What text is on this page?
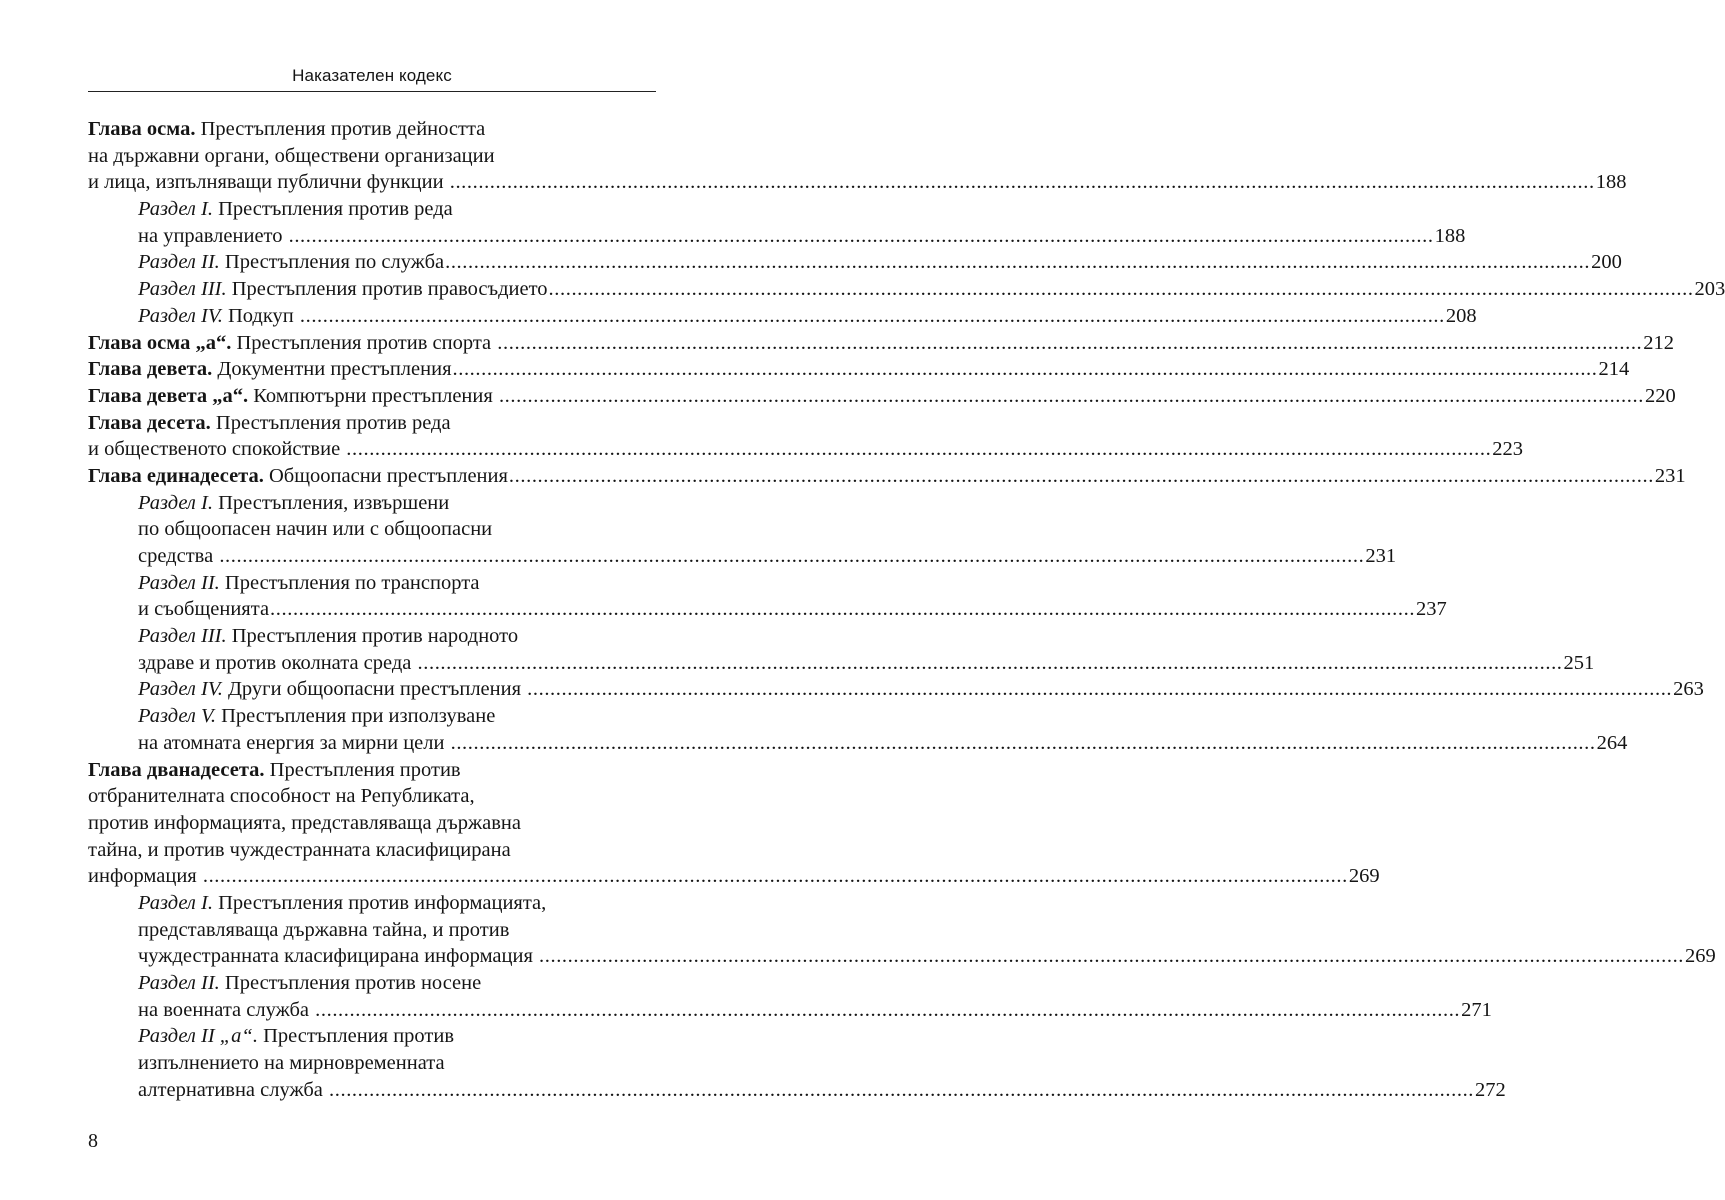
Наказателен кодекс
Глава осма. Престъпления против дейността
на държавни органи, обществени организации
и лица, изпълняващи публични функции ........................................................................................................................................................................................................ 188
Раздел I. Престъпления против реда
на управлението ........................................................................................................................................................................................................ 188
Раздел II. Престъпления по служба ........................................................................................................................................................................................................ 200
Раздел III. Престъпления против правосъдието ........................................................................................................................................................................................................ 203
Раздел IV. Подкуп ........................................................................................................................................................................................................ 208
Глава осма „а“. Престъпления против спорта ........................................................................................................................................................................................................ 212
Глава девета. Документни престъпления ........................................................................................................................................................................................................ 214
Глава девета „а“. Компютърни престъпления ........................................................................................................................................................................................................ 220
Глава десета. Престъпления против реда
и общественото спокойствие ........................................................................................................................................................................................................ 223
Глава единадесета. Общоопасни престъпления ........................................................................................................................................................................................................ 231
Раздел I. Престъпления, извършени
по общоопасен начин или с общоопасни
средства ........................................................................................................................................................................................................ 231
Раздел II. Престъпления по транспорта
и съобщенията ........................................................................................................................................................................................................ 237
Раздел III. Престъпления против народното
здраве и против околната среда ........................................................................................................................................................................................................ 251
Раздел IV. Други общоопасни престъпления ........................................................................................................................................................................................................ 263
Раздел V. Престъпления при използуване
на атомната енергия за мирни цели ........................................................................................................................................................................................................ 264
Глава дванадесета. Престъпления против
отбранителната способност на Републиката,
против информацията, представляваща държавна
тайна, и против чуждестранната класифицирана
информация ........................................................................................................................................................................................................ 269
Раздел I. Престъпления против информацията,
представляваща държавна тайна, и против
чуждестранната класифицирана информация ........................................................................................................................................................................................................ 269
Раздел II. Престъпления против носене
на военната служба ........................................................................................................................................................................................................ 271
Раздел II „а“. Престъпления против
изпълнението на мирновременната
алтернативна служба ........................................................................................................................................................................................................ 272
8
